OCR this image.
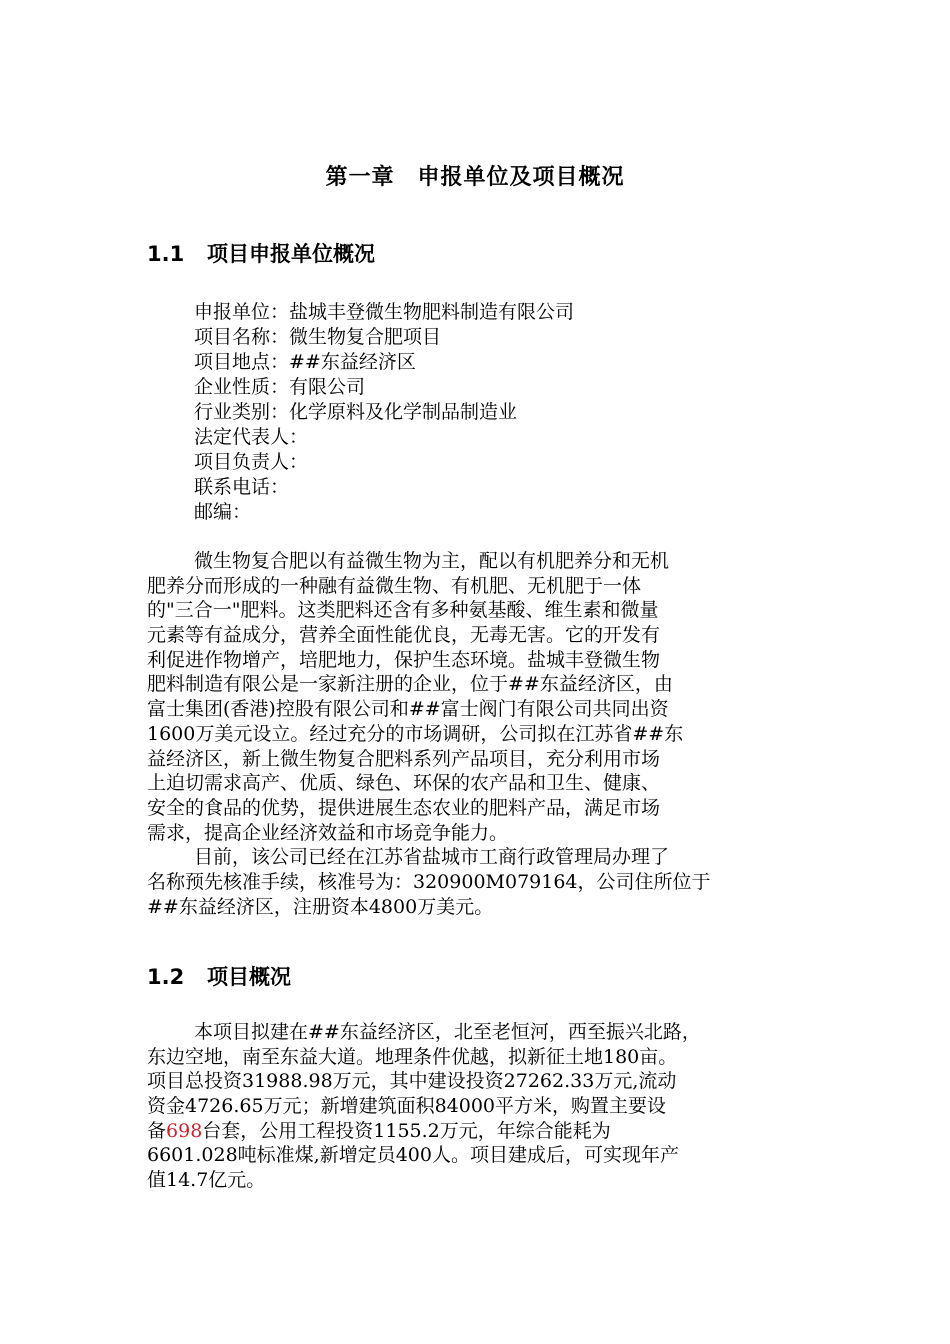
第一章　申报单位及项目概况
1.1 项目申报单位概况
申报单位：盐城丰登微生物肥料制造有限公司
项目名称：微生物复合肥项目
项目地点：##东益经济区
企业性质：有限公司
行业类别：化学原料及化学制品制造业
法定代表人：
项目负责人：
联系电话：
邮编：
微生物复合肥以有益微生物为主，配以有机肥养分和无机
肥养分而形成的一种融有益微生物、有机肥、无机肥于一体
的"三合一"肥料。这类肥料还含有多种氨基酸、维生素和微量
元素等有益成分，营养全面性能优良，无毒无害。它的开发有
利促进作物增产，培肥地力，保护生态环境。盐城丰登微生物
肥料制造有限公是一家新注册的企业，位于##东益经济区，由
富士集团(香港)控股有限公司和##富士阀门有限公司共同出资
1600万美元设立。经过充分的市场调研，公司拟在江苏省##东
益经济区，新上微生物复合肥料系列产品项目，充分利用市场
上迫切需求高产、优质、绿色、环保的农产品和卫生、健康、
安全的食品的优势，提供进展生态农业的肥料产品，满足市场
需求，提高企业经济效益和市场竞争能力。
目前，该公司已经在江苏省盐城市工商行政管理局办理了
名称预先核准手续，核准号为：320900M079164，公司住所位于
##东益经济区，注册资本4800万美元。
1.2 项目概况
本项目拟建在##东益经济区，北至老恒河，西至振兴北路，
东边空地，南至东益大道。地理条件优越，拟新征土地180亩。
项目总投资31988.98万元，其中建设投资27262.33万元,流动
资金4726.65万元；新增建筑面积84000平方米，购置主要设
备698台套，公用工程投资1155.2万元，年综合能耗为
6601.028吨标准煤,新增定员400人。项目建成后，可实现年产
值14.7亿元。
